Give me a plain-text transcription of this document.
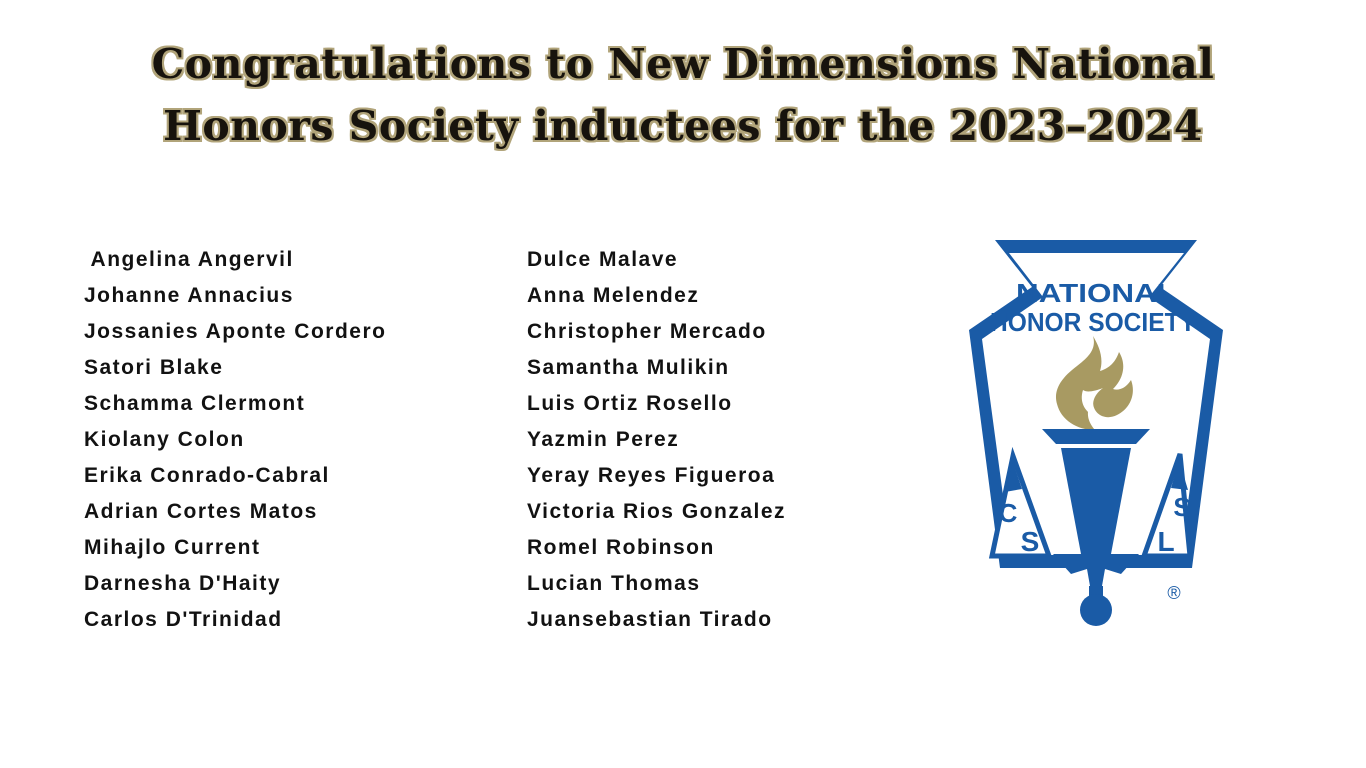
Congratulations to New Dimensions National
Honors Society inductees for the 2023–2024
Angelina Angervil
Johanne Annacius
Jossanies Aponte Cordero
Satori Blake
Schamma Clermont
Kiolany Colon
Erika Conrado-Cabral
Adrian Cortes Matos
Mihajlo Current
Darnesha D'Haity
Carlos D'Trinidad
Dulce Malave
Anna Melendez
Christopher Mercado
Samantha Mulikin
Luis Ortiz Rosello
Yazmin Perez
Yeray Reyes Figueroa
Victoria Rios Gonzalez
Romel Robinson
Lucian Thomas
Juansebastian Tirado
NATIONAL
HONOR SOCIETY
C
S
S
L
®
